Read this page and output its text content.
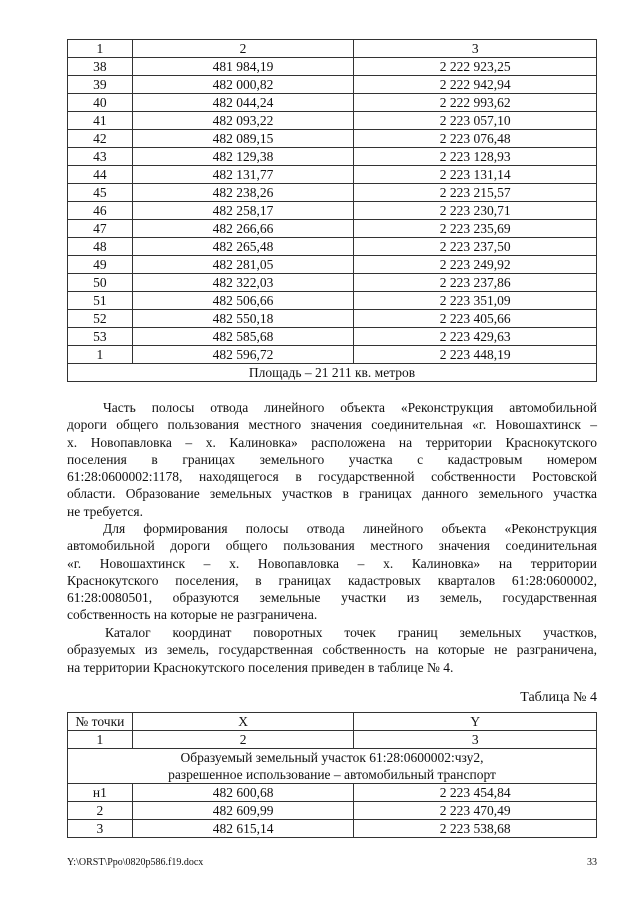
1	2	3
38	481 984,19	2 222 923,25
39	482 000,82	2 222 942,94
40	482 044,24	2 222 993,62
41	482 093,22	2 223 057,10
42	482 089,15	2 223 076,48
43	482 129,38	2 223 128,93
44	482 131,77	2 223 131,14
45	482 238,26	2 223 215,57
46	482 258,17	2 223 230,71
47	482 266,66	2 223 235,69
48	482 265,48	2 223 237,50
49	482 281,05	2 223 249,92
50	482 322,03	2 223 237,86
51	482 506,66	2 223 351,09
52	482 550,18	2 223 405,66
53	482 585,68	2 223 429,63
1	482 596,72	2 223 448,19
Площадь – 21 211 кв. метров		
Часть полосы отвода линейного объекта «Реконструкция автомобильной
дороги общего пользования местного значения соединительная «г. Новошахтинск –
х. Новопавловка – х. Калиновка» расположена на территории Краснокутского
поселения в границах земельного участка с кадастровым номером
61:28:0600002:1178, находящегося в государственной собственности Ростовской
области. Образование земельных участков в границах данного земельного участка
не требуется.
Для формирования полосы отвода линейного объекта «Реконструкция
автомобильной дороги общего пользования местного значения соединительная
«г. Новошахтинск – х. Новопавловка – х. Калиновка» на территории
Краснокутского поселения, в границах кадастровых кварталов 61:28:0600002,
61:28:0080501, образуются земельные участки из земель, государственная
собственность на которые не разграничена.
Каталог координат поворотных точек границ земельных участков,
образуемых из земель, государственная собственность на которые не разграничена,
на территории Краснокутского поселения приведен в таблице № 4.
Таблица № 4
№ точки	X	Y
1	2	3
Образуемый земельный участок 61:28:0600002:чзу2,
разрешенное использование – автомобильный транспорт		
н1	482 600,68	2 223 454,84
2	482 609,99	2 223 470,49
3	482 615,14	2 223 538,68
Y:\ORST\Ppo\0820p586.f19.docx	33
